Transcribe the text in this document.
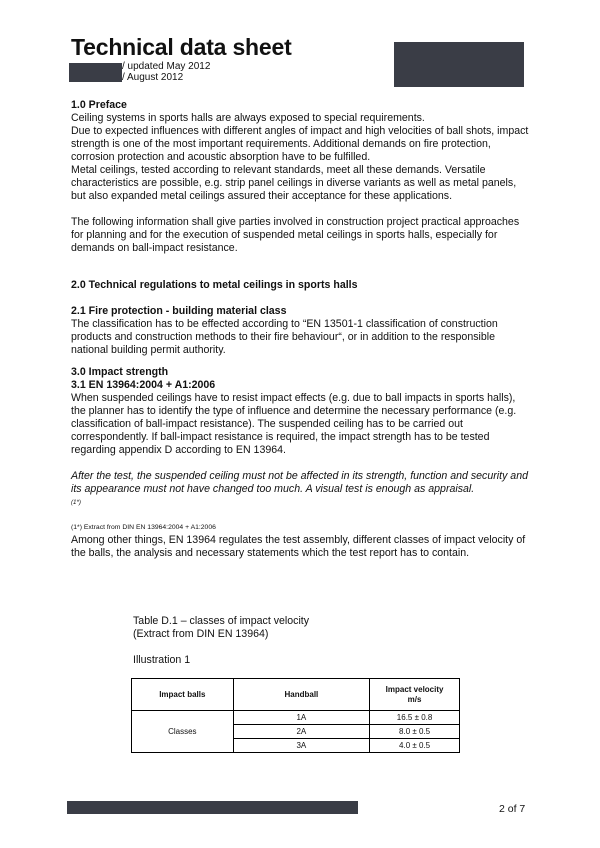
Technical data sheet
/ updated May 2012
/ August 2012

1.0 Preface

Ceiling systems in sports halls are always exposed to special requirements.

Due to expected influences with different angles of impact and high velocities of ball shots, impact strength is one of the most important requirements. Additional demands on fire protection, corrosion protection and acoustic absorption have to be fulfilled.

Metal ceilings, tested according to relevant standards, meet all these demands. Versatile characteristics are possible, e.g. strip panel ceilings in diverse variants as well as metal panels, but also expanded metal ceilings assured their acceptance for these applications.

The following information shall give parties involved in construction project practical approaches for planning and for the execution of suspended metal ceilings in sports halls, especially for demands on ball-impact resistance.

2.0 Technical regulations to metal ceilings in sports halls

2.1 Fire protection - building material class

The classification has to be effected according to “EN 13501-1 classification of construction products and construction methods to their fire behaviour“, or in addition to the responsible national building permit authority.

3.0 Impact strength

3.1 EN 13964:2004 + A1:2006

When suspended ceilings have to resist impact effects (e.g. due to ball impacts in sports halls), the planner has to identify the type of influence and determine the necessary performance (e.g. classification of ball-impact resistance). The suspended ceiling has to be carried out correspondently. If ball-impact resistance is required, the impact strength has to be tested regarding appendix D according to EN 13964.

After the test, the suspended ceiling must not be affected in its strength, function and security and its appearance must not have changed too much. A visual test is enough as appraisal.

(1*)

(1*) Extract from DIN EN 13964:2004 + A1:2006

Among other things, EN 13964 regulates the test assembly, different classes of impact velocity of the balls, the analysis and necessary statements which the test report has to contain.

Table D.1 – classes of impact velocity

(Extract from DIN EN 13964)

Illustration 1

Impact balls	Handball	Impact velocity m/s
Classes	1A	16.5 ± 0.8
	2A	8.0 ± 0.5
	3A	4.0 ± 0.5
2 of 7
